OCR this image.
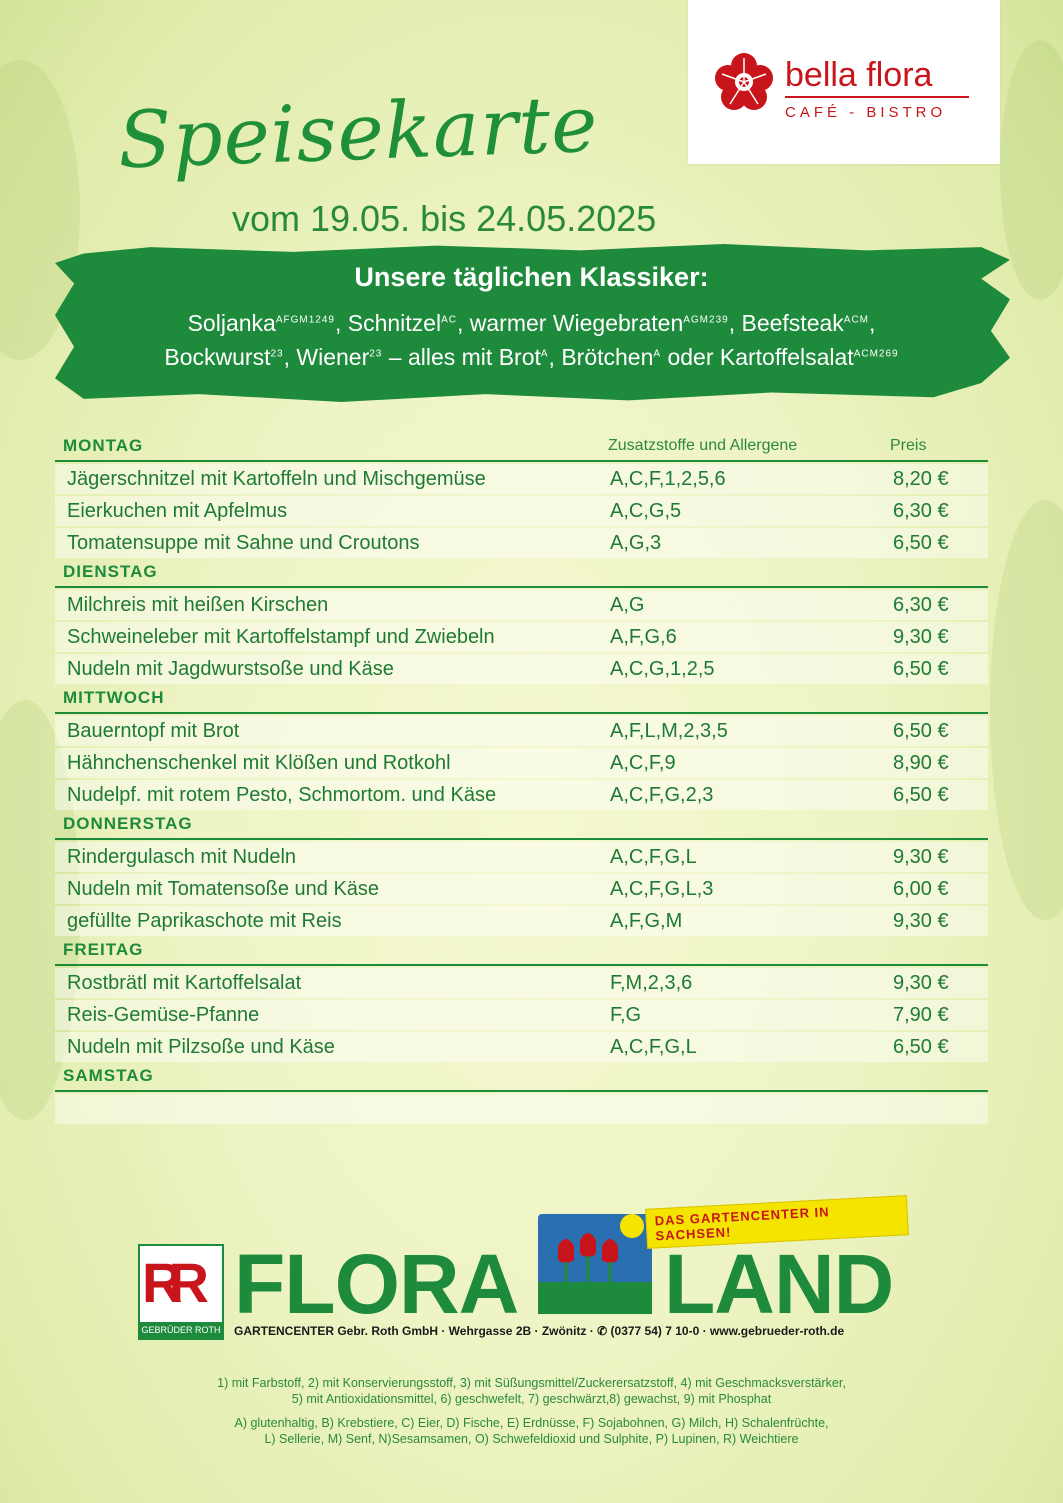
Speisekarte
vom 19.05. bis 24.05.2025
bella flora
CAFÉ - BISTRO
Unsere täglichen Klassiker:
Soljanka$^{AFGM1249}$, Schnitzel$^{AC}$, warmer Wiegebraten$^{AGM239}$, Beefsteak$^{ACM}$,
Bockwurst$^{23}$, Wiener$^{23}$ – alles mit Brot$^A$, Brötchen$^A$ oder Kartoffelsalat$^{ACM269}$
MONTAG	Zusatzstoffe und Allergene	Preis
Jägerschnitzel mit Kartoffeln und Mischgemüse	A,C,F,1,2,5,6	8,20 €
Eierkuchen mit Apfelmus	A,C,G,5	6,30 €
Tomatensuppe mit Sahne und Croutons	A,G,3	6,50 €
DIENSTAG
Milchreis mit heißen Kirschen	A,G	6,30 €
Schweineleber mit Kartoffelstampf und Zwiebeln	A,F,G,6	9,30 €
Nudeln mit Jagdwurstsoße und Käse	A,C,G,1,2,5	6,50 €
MITTWOCH
Bauerntopf mit Brot	A,F,L,M,2,3,5	6,50 €
Hähnchenschenkel mit Klößen und Rotkohl	A,C,F,9	8,90 €
Nudelpf. mit rotem Pesto, Schmortom. und Käse	A,C,F,G,2,3	6,50 €
DONNERSTAG
Rindergulasch mit Nudeln	A,C,F,G,L	9,30 €
Nudeln mit Tomatensoße und Käse	A,C,F,G,L,3	6,00 €
gefüllte Paprikaschote mit Reis	A,F,G,M	9,30 €
FREITAG
Rostbrätl mit Kartoffelsalat	F,M,2,3,6	9,30 €
Reis-Gemüse-Pfanne	F,G	7,90 €
Nudeln mit Pilzsoße und Käse	A,C,F,G,L	6,50 €
SAMSTAG
RR
GEBRÜDER ROTH FLORA
DAS GARTENCENTER IN SACHSEN!
LAND
GARTENCENTER Gebr. Roth GmbH · Wehrgasse 2B · Zwönitz · ✆ (0377 54) 7 10-0 · www.gebrueder-roth.de
1) mit Farbstoff, 2) mit Konservierungsstoff, 3) mit Süßungsmittel/Zuckerersatzstoff, 4) mit Geschmacksverstärker,
5) mit Antioxidationsmittel, 6) geschwefelt, 7) geschwärzt,8) gewachst, 9) mit Phosphat
A) glutenhaltig, B) Krebstiere, C) Eier, D) Fische, E) Erdnüsse, F) Sojabohnen, G) Milch, H) Schalenfrüchte,
L) Sellerie, M) Senf, N)Sesamsamen, O) Schwefeldioxid und Sulphite, P) Lupinen, R) Weichtiere
